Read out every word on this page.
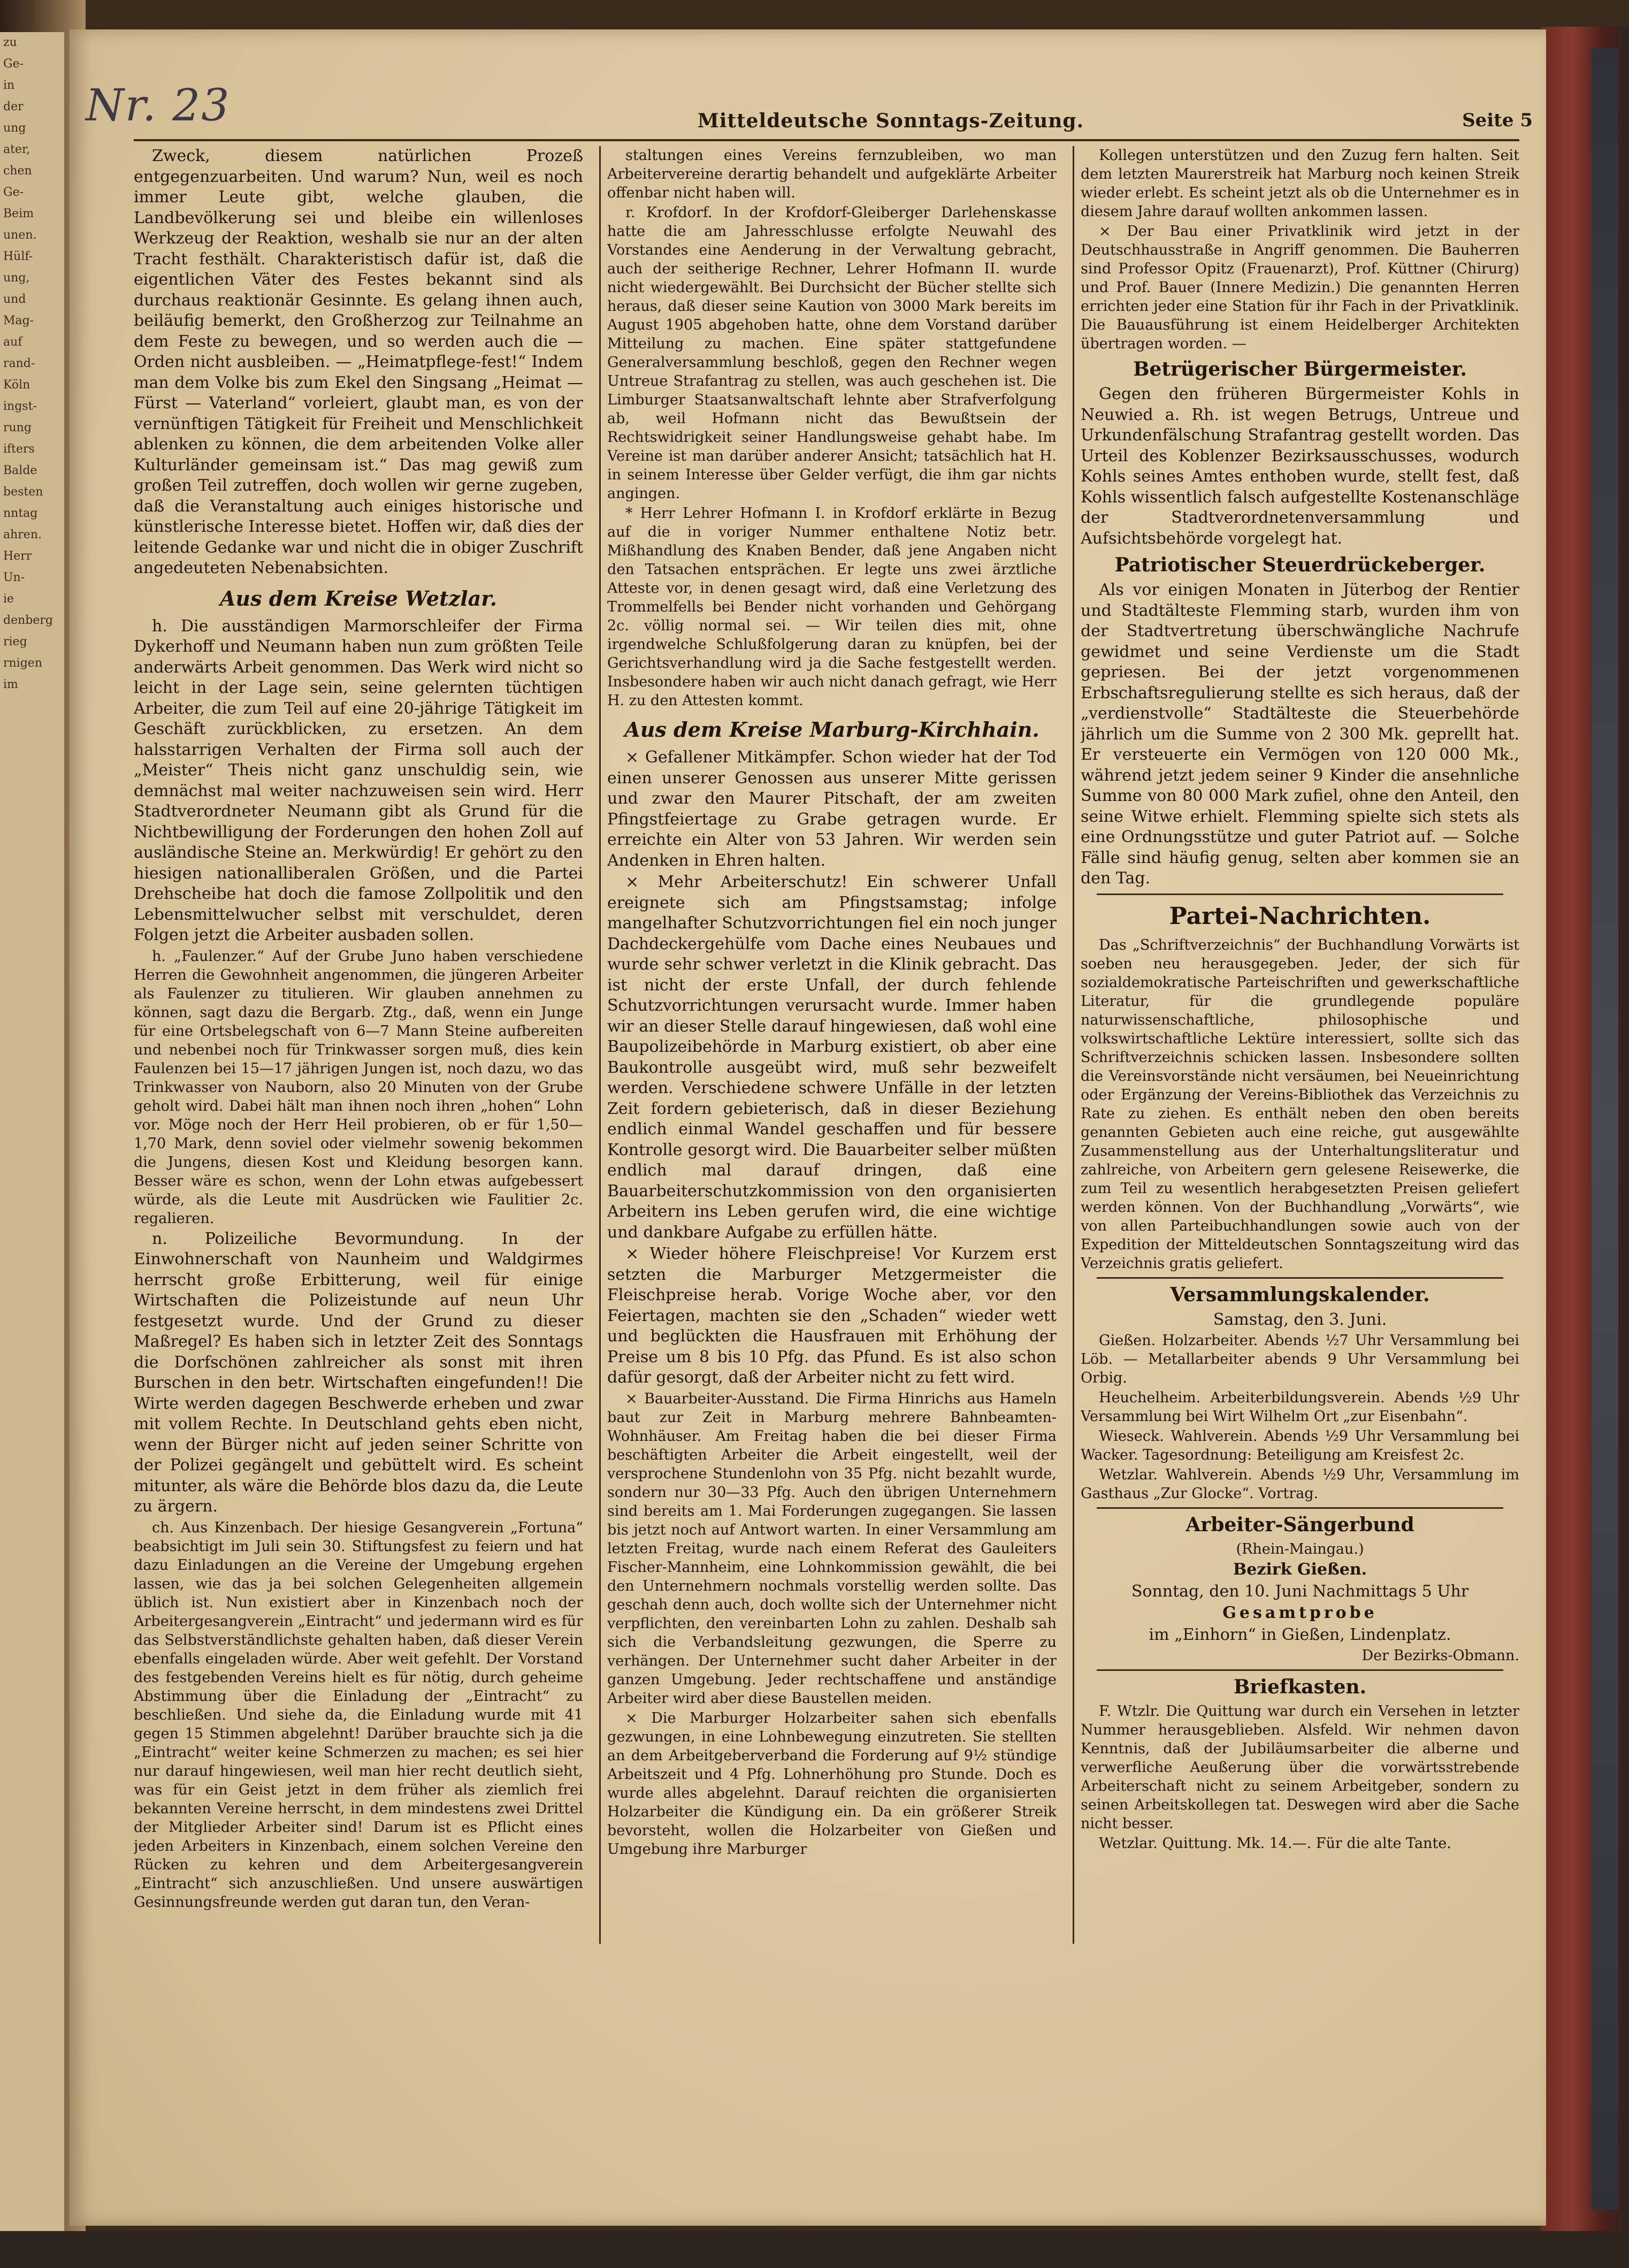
zu
Ge-
in
der
ung
ater,
chen
Ge-
Beim
unen.
Hülf-
ung,
und
Mag-
auf
rand-
Köln
ingst-
rung
ifters
Balde
besten
nntag
ahren.
Herr
Un-
ie
denberg
rieg
rnigen
im
Nr. 23	Mitteldeutsche Sonntags-Zeitung.	Seite 5

Zweck, diesem natürlichen Prozeß entgegenzuarbeiten. Und warum? Nun, weil es noch immer Leute gibt, welche glauben, die Landbevölkerung sei und bleibe ein willenloses Werkzeug der Reaktion, weshalb sie nur an der alten Tracht festhält. Charakteristisch dafür ist, daß die eigentlichen Väter des Festes bekannt sind als durchaus reaktionär Gesinnte. Es gelang ihnen auch, beiläufig bemerkt, den Großherzog zur Teilnahme an dem Feste zu bewegen, und so werden auch die — Orden nicht ausbleiben. — „Heimatpflege-fest!“ Indem man dem Volke bis zum Ekel den Singsang „Heimat — Fürst — Vaterland“ vorleiert, glaubt man, es von der vernünftigen Tätigkeit für Freiheit und Menschlichkeit ablenken zu können, die dem arbeitenden Volke aller Kulturländer gemeinsam ist.“ Das mag gewiß zum großen Teil zutreffen, doch wollen wir gerne zugeben, daß die Veranstaltung auch einiges historische und künstlerische Interesse bietet. Hoffen wir, daß dies der leitende Gedanke war und nicht die in obiger Zuschrift angedeuteten Nebenabsichten.

Aus dem Kreise Wetzlar.

h. Die ausständigen Marmorschleifer der Firma Dykerhoff und Neumann haben nun zum größten Teile anderwärts Arbeit genommen. Das Werk wird nicht so leicht in der Lage sein, seine gelernten tüchtigen Arbeiter, die zum Teil auf eine 20-jährige Tätigkeit im Geschäft zurückblicken, zu ersetzen. An dem halsstarrigen Verhalten der Firma soll auch der „Meister“ Theis nicht ganz unschuldig sein, wie demnächst mal weiter nachzuweisen sein wird. Herr Stadtverordneter Neumann gibt als Grund für die Nichtbewilligung der Forderungen den hohen Zoll auf ausländische Steine an. Merkwürdig! Er gehört zu den hiesigen nationalliberalen Größen, und die Partei Drehscheibe hat doch die famose Zollpolitik und den Lebensmittelwucher selbst mit verschuldet, deren Folgen jetzt die Arbeiter ausbaden sollen.

h. „Faulenzer.“ Auf der Grube Juno haben verschiedene Herren die Gewohnheit angenommen, die jüngeren Arbeiter als Faulenzer zu titulieren. Wir glauben annehmen zu können, sagt dazu die Bergarb. Ztg., daß, wenn ein Junge für eine Ortsbelegschaft von 6—7 Mann Steine aufbereiten und nebenbei noch für Trinkwasser sorgen muß, dies kein Faulenzen bei 15—17 jährigen Jungen ist, noch dazu, wo das Trinkwasser von Nauborn, also 20 Minuten von der Grube geholt wird. Dabei hält man ihnen noch ihren „hohen“ Lohn vor. Möge noch der Herr Heil probieren, ob er für 1,50—1,70 Mark, denn soviel oder vielmehr sowenig bekommen die Jungens, diesen Kost und Kleidung besorgen kann. Besser wäre es schon, wenn der Lohn etwas aufgebessert würde, als die Leute mit Ausdrücken wie Faulitier 2c. regalieren.

n. Polizeiliche Bevormundung. In der Einwohnerschaft von Naunheim und Waldgirmes herrscht große Erbitterung, weil für einige Wirtschaften die Polizeistunde auf neun Uhr festgesetzt wurde. Und der Grund zu dieser Maßregel? Es haben sich in letzter Zeit des Sonntags die Dorfschönen zahlreicher als sonst mit ihren Burschen in den betr. Wirtschaften eingefunden!! Die Wirte werden dagegen Beschwerde erheben und zwar mit vollem Rechte. In Deutschland gehts eben nicht, wenn der Bürger nicht auf jeden seiner Schritte von der Polizei gegängelt und gebüttelt wird. Es scheint mitunter, als wäre die Behörde blos dazu da, die Leute zu ärgern.

ch. Aus Kinzenbach. Der hiesige Gesangverein „Fortuna“ beabsichtigt im Juli sein 30. Stiftungsfest zu feiern und hat dazu Einladungen an die Vereine der Umgebung ergehen lassen, wie das ja bei solchen Gelegenheiten allgemein üblich ist. Nun existiert aber in Kinzenbach noch der Arbeitergesangverein „Eintracht“ und jedermann wird es für das Selbstverständlichste gehalten haben, daß dieser Verein ebenfalls eingeladen würde. Aber weit gefehlt. Der Vorstand des festgebenden Vereins hielt es für nötig, durch geheime Abstimmung über die Einladung der „Eintracht“ zu beschließen. Und siehe da, die Einladung wurde mit 41 gegen 15 Stimmen abgelehnt! Darüber brauchte sich ja die „Eintracht“ weiter keine Schmerzen zu machen; es sei hier nur darauf hingewiesen, weil man hier recht deutlich sieht, was für ein Geist jetzt in dem früher als ziemlich frei bekannten Vereine herrscht, in dem mindestens zwei Drittel der Mitglieder Arbeiter sind! Darum ist es Pflicht eines jeden Arbeiters in Kinzenbach, einem solchen Vereine den Rücken zu kehren und dem Arbeitergesangverein „Eintracht“ sich anzuschließen. Und unsere auswärtigen Gesinnungsfreunde werden gut daran tun, den Veran-

staltungen eines Vereins fernzubleiben, wo man Arbeitervereine derartig behandelt und aufgeklärte Arbeiter offenbar nicht haben will.

r. Krofdorf. In der Krofdorf-Gleiberger Darlehenskasse hatte die am Jahresschlusse erfolgte Neuwahl des Vorstandes eine Aenderung in der Verwaltung gebracht, auch der seitherige Rechner, Lehrer Hofmann II. wurde nicht wiedergewählt. Bei Durchsicht der Bücher stellte sich heraus, daß dieser seine Kaution von 3000 Mark bereits im August 1905 abgehoben hatte, ohne dem Vorstand darüber Mitteilung zu machen. Eine später stattgefundene Generalversammlung beschloß, gegen den Rechner wegen Untreue Strafantrag zu stellen, was auch geschehen ist. Die Limburger Staatsanwaltschaft lehnte aber Strafverfolgung ab, weil Hofmann nicht das Bewußtsein der Rechtswidrigkeit seiner Handlungsweise gehabt habe. Im Vereine ist man darüber anderer Ansicht; tatsächlich hat H. in seinem Interesse über Gelder verfügt, die ihm gar nichts angingen.

* Herr Lehrer Hofmann I. in Krofdorf erklärte in Bezug auf die in voriger Nummer enthaltene Notiz betr. Mißhandlung des Knaben Bender, daß jene Angaben nicht den Tatsachen entsprächen. Er legte uns zwei ärztliche Atteste vor, in denen gesagt wird, daß eine Verletzung des Trommelfells bei Bender nicht vorhanden und Gehörgang 2c. völlig normal sei. — Wir teilen dies mit, ohne irgendwelche Schlußfolgerung daran zu knüpfen, bei der Gerichtsverhandlung wird ja die Sache festgestellt werden. Insbesondere haben wir auch nicht danach gefragt, wie Herr H. zu den Attesten kommt.

Aus dem Kreise Marburg-Kirchhain.

× Gefallener Mitkämpfer. Schon wieder hat der Tod einen unserer Genossen aus unserer Mitte gerissen und zwar den Maurer Pitschaft, der am zweiten Pfingstfeiertage zu Grabe getragen wurde. Er erreichte ein Alter von 53 Jahren. Wir werden sein Andenken in Ehren halten.

× Mehr Arbeiterschutz! Ein schwerer Unfall ereignete sich am Pfingstsamstag; infolge mangelhafter Schutzvorrichtungen fiel ein noch junger Dachdeckergehülfe vom Dache eines Neubaues und wurde sehr schwer verletzt in die Klinik gebracht. Das ist nicht der erste Unfall, der durch fehlende Schutzvorrichtungen verursacht wurde. Immer haben wir an dieser Stelle darauf hingewiesen, daß wohl eine Baupolizeibehörde in Marburg existiert, ob aber eine Baukontrolle ausgeübt wird, muß sehr bezweifelt werden. Verschiedene schwere Unfälle in der letzten Zeit fordern gebieterisch, daß in dieser Beziehung endlich einmal Wandel geschaffen und für bessere Kontrolle gesorgt wird. Die Bauarbeiter selber müßten endlich mal darauf dringen, daß eine Bauarbeiterschutzkommission von den organisierten Arbeitern ins Leben gerufen wird, die eine wichtige und dankbare Aufgabe zu erfüllen hätte.

× Wieder höhere Fleischpreise! Vor Kurzem erst setzten die Marburger Metzgermeister die Fleischpreise herab. Vorige Woche aber, vor den Feiertagen, machten sie den „Schaden“ wieder wett und beglückten die Hausfrauen mit Erhöhung der Preise um 8 bis 10 Pfg. das Pfund. Es ist also schon dafür gesorgt, daß der Arbeiter nicht zu fett wird.

× Bauarbeiter-Ausstand. Die Firma Hinrichs aus Hameln baut zur Zeit in Marburg mehrere Bahnbeamten-Wohnhäuser. Am Freitag haben die bei dieser Firma beschäftigten Arbeiter die Arbeit eingestellt, weil der versprochene Stundenlohn von 35 Pfg. nicht bezahlt wurde, sondern nur 30—33 Pfg. Auch den übrigen Unternehmern sind bereits am 1. Mai Forderungen zugegangen. Sie lassen bis jetzt noch auf Antwort warten. In einer Versammlung am letzten Freitag, wurde nach einem Referat des Gauleiters Fischer-Mannheim, eine Lohnkommission gewählt, die bei den Unternehmern nochmals vorstellig werden sollte. Das geschah denn auch, doch wollte sich der Unternehmer nicht verpflichten, den vereinbarten Lohn zu zahlen. Deshalb sah sich die Verbandsleitung gezwungen, die Sperre zu verhängen. Der Unternehmer sucht daher Arbeiter in der ganzen Umgebung. Jeder rechtschaffene und anständige Arbeiter wird aber diese Baustellen meiden.

× Die Marburger Holzarbeiter sahen sich ebenfalls gezwungen, in eine Lohnbewegung einzutreten. Sie stellten an dem Arbeitgeberverband die Forderung auf 9½ stündige Arbeitszeit und 4 Pfg. Lohnerhöhung pro Stunde. Doch es wurde alles abgelehnt. Darauf reichten die organisierten Holzarbeiter die Kündigung ein. Da ein größerer Streik bevorsteht, wollen die Holzarbeiter von Gießen und Umgebung ihre Marburger

Kollegen unterstützen und den Zuzug fern halten. Seit dem letzten Maurerstreik hat Marburg noch keinen Streik wieder erlebt. Es scheint jetzt als ob die Unternehmer es in diesem Jahre darauf wollten ankommen lassen.

× Der Bau einer Privatklinik wird jetzt in der Deutschhausstraße in Angriff genommen. Die Bauherren sind Professor Opitz (Frauenarzt), Prof. Küttner (Chirurg) und Prof. Bauer (Innere Medizin.) Die genannten Herren errichten jeder eine Station für ihr Fach in der Privatklinik. Die Bauausführung ist einem Heidelberger Architekten übertragen worden. —

Betrügerischer Bürgermeister.

Gegen den früheren Bürgermeister Kohls in Neuwied a. Rh. ist wegen Betrugs, Untreue und Urkundenfälschung Strafantrag gestellt worden. Das Urteil des Koblenzer Bezirksausschusses, wodurch Kohls seines Amtes enthoben wurde, stellt fest, daß Kohls wissentlich falsch aufgestellte Kostenanschläge der Stadtverordnetenversammlung und Aufsichtsbehörde vorgelegt hat.

Patriotischer Steuerdrückeberger.

Als vor einigen Monaten in Jüterbog der Rentier und Stadtälteste Flemming starb, wurden ihm von der Stadtvertretung überschwängliche Nachrufe gewidmet und seine Verdienste um die Stadt gepriesen. Bei der jetzt vorgenommenen Erbschaftsregulierung stellte es sich heraus, daß der „verdienstvolle“ Stadtälteste die Steuerbehörde jährlich um die Summe von 2 300 Mk. geprellt hat. Er versteuerte ein Vermögen von 120 000 Mk., während jetzt jedem seiner 9 Kinder die ansehnliche Summe von 80 000 Mark zufiel, ohne den Anteil, den seine Witwe erhielt. Flemming spielte sich stets als eine Ordnungsstütze und guter Patriot auf. — Solche Fälle sind häufig genug, selten aber kommen sie an den Tag.

Partei-Nachrichten.

Das „Schriftverzeichnis“ der Buchhandlung Vorwärts ist soeben neu herausgegeben. Jeder, der sich für sozialdemokratische Parteischriften und gewerkschaftliche Literatur, für die grundlegende populäre naturwissenschaftliche, philosophische und volkswirtschaftliche Lektüre interessiert, sollte sich das Schriftverzeichnis schicken lassen. Insbesondere sollten die Vereinsvorstände nicht versäumen, bei Neueinrichtung oder Ergänzung der Vereins-Bibliothek das Verzeichnis zu Rate zu ziehen. Es enthält neben den oben bereits genannten Gebieten auch eine reiche, gut ausgewählte Zusammenstellung aus der Unterhaltungsliteratur und zahlreiche, von Arbeitern gern gelesene Reisewerke, die zum Teil zu wesentlich herabgesetzten Preisen geliefert werden können. Von der Buchhandlung „Vorwärts“, wie von allen Parteibuchhandlungen sowie auch von der Expedition der Mitteldeutschen Sonntagszeitung wird das Verzeichnis gratis geliefert.

Versammlungskalender.

Samstag, den 3. Juni.

Gießen. Holzarbeiter. Abends ½7 Uhr Versammlung bei Löb. — Metallarbeiter abends 9 Uhr Versammlung bei Orbig.

Heuchelheim. Arbeiterbildungsverein. Abends ½9 Uhr Versammlung bei Wirt Wilhelm Ort „zur Eisenbahn“.

Wieseck. Wahlverein. Abends ½9 Uhr Versammlung bei Wacker. Tagesordnung: Beteiligung am Kreisfest 2c.

Wetzlar. Wahlverein. Abends ½9 Uhr, Versammlung im Gasthaus „Zur Glocke“. Vortrag.

Arbeiter-Sängerbund

(Rhein-Maingau.)

Bezirk Gießen.

Sonntag, den 10. Juni Nachmittags 5 Uhr

Gesamtprobe

im „Einhorn“ in Gießen, Lindenplatz.

Der Bezirks-Obmann.

Briefkasten.

F. Wtzlr. Die Quittung war durch ein Versehen in letzter Nummer herausgeblieben. Alsfeld. Wir nehmen davon Kenntnis, daß der Jubiläumsarbeiter die alberne und verwerfliche Aeußerung über die vorwärtsstrebende Arbeiterschaft nicht zu seinem Arbeitgeber, sondern zu seinen Arbeitskollegen tat. Deswegen wird aber die Sache nicht besser.

Wetzlar. Quittung. Mk. 14.—. Für die alte Tante.
